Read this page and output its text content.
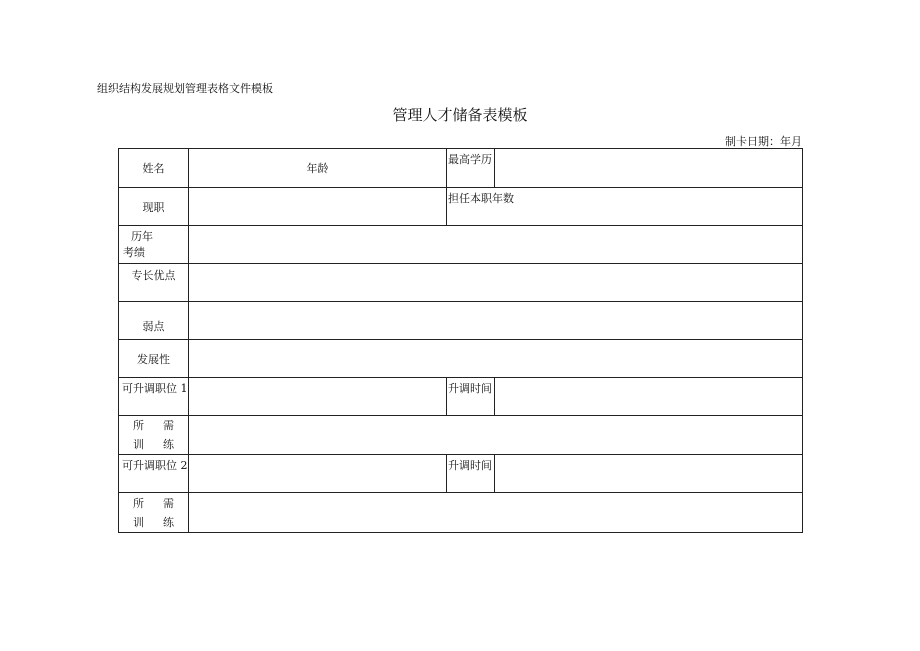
组织结构发展规划管理表格文件模板
管理人才储备表模板
制卡日期：年月
姓名	年龄	最高学历	
现职		担任本职年数	

历年
考绩			

专长优点			
弱点			
发展性			
可升调职位 1		升调时间	

所 需
训 练			

可升调职位 2		升调时间	

所 需
训 练			
